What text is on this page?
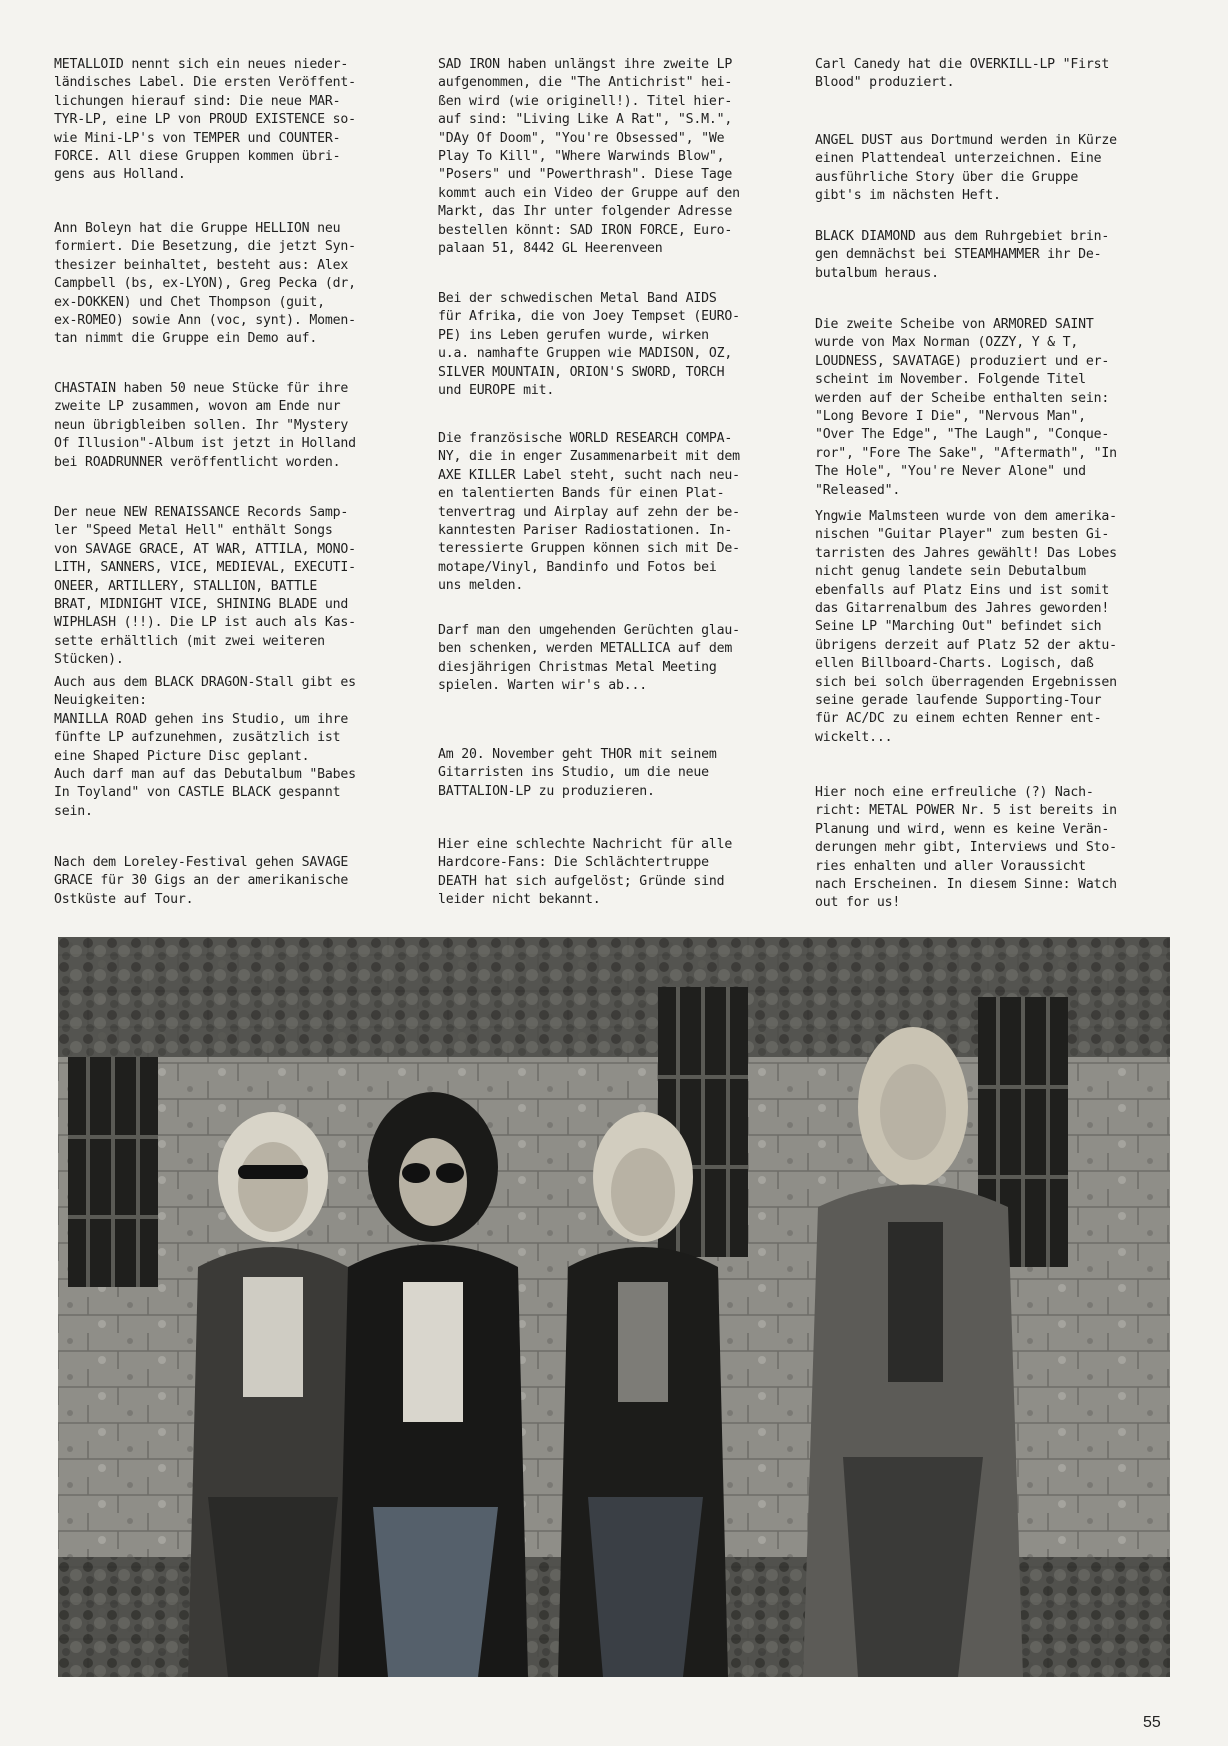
METALLOID nennt sich ein neues nieder-
ländisches Label. Die ersten Veröffent-
lichungen hierauf sind: Die neue MAR-
TYR-LP, eine LP von PROUD EXISTENCE so-
wie Mini-LP's von TEMPER und COUNTER-
FORCE. All diese Gruppen kommen übri-
gens aus Holland.
Ann Boleyn hat die Gruppe HELLION neu
formiert. Die Besetzung, die jetzt Syn-
thesizer beinhaltet, besteht aus: Alex
Campbell (bs, ex-LYON), Greg Pecka (dr,
ex-DOKKEN) und Chet Thompson (guit,
ex-ROMEO) sowie Ann (voc, synt). Momen-
tan nimmt die Gruppe ein Demo auf.
CHASTAIN haben 50 neue Stücke für ihre
zweite LP zusammen, wovon am Ende nur
neun übrigbleiben sollen. Ihr "Mystery
Of Illusion"-Album ist jetzt in Holland
bei ROADRUNNER veröffentlicht worden.
Der neue NEW RENAISSANCE Records Samp-
ler "Speed Metal Hell" enthält Songs
von SAVAGE GRACE, AT WAR, ATTILA, MONO-
LITH, SANNERS, VICE, MEDIEVAL, EXECUTI-
ONEER, ARTILLERY, STALLION, BATTLE
BRAT, MIDNIGHT VICE, SHINING BLADE und
WIPHLASH (!!). Die LP ist auch als Kas-
sette erhältlich (mit zwei weiteren
Stücken).
Auch aus dem BLACK DRAGON-Stall gibt es
Neuigkeiten:
MANILLA ROAD gehen ins Studio, um ihre
fünfte LP aufzunehmen, zusätzlich ist
eine Shaped Picture Disc geplant.
Auch darf man auf das Debutalbum "Babes
In Toyland" von CASTLE BLACK gespannt
sein.
Nach dem Loreley-Festival gehen SAVAGE
GRACE für 30 Gigs an der amerikanische
Ostküste auf Tour.
SAD IRON haben unlängst ihre zweite LP
aufgenommen, die "The Antichrist" hei-
ßen wird (wie originell!). Titel hier-
auf sind: "Living Like A Rat", "S.M.",
"DAy Of Doom", "You're Obsessed", "We
Play To Kill", "Where Warwinds Blow",
"Posers" und "Powerthrash". Diese Tage
kommt auch ein Video der Gruppe auf den
Markt, das Ihr unter folgender Adresse
bestellen könnt: SAD IRON FORCE, Euro-
palaan 51, 8442 GL Heerenveen
Bei der schwedischen Metal Band AIDS
für Afrika, die von Joey Tempset (EURO-
PE) ins Leben gerufen wurde, wirken
u.a. namhafte Gruppen wie MADISON, OZ,
SILVER MOUNTAIN, ORION'S SWORD, TORCH
und EUROPE mit.
Die französische WORLD RESEARCH COMPA-
NY, die in enger Zusammenarbeit mit dem
AXE KILLER Label steht, sucht nach neu-
en talentierten Bands für einen Plat-
tenvertrag und Airplay auf zehn der be-
kanntesten Pariser Radiostationen. In-
teressierte Gruppen können sich mit De-
motape/Vinyl, Bandinfo und Fotos bei
uns melden.
Darf man den umgehenden Gerüchten glau-
ben schenken, werden METALLICA auf dem
diesjährigen Christmas Metal Meeting
spielen. Warten wir's ab...
Am 20. November geht THOR mit seinem
Gitarristen ins Studio, um die neue
BATTALION-LP zu produzieren.
Hier eine schlechte Nachricht für alle
Hardcore-Fans: Die Schlächtertruppe
DEATH hat sich aufgelöst; Gründe sind
leider nicht bekannt.
Carl Canedy hat die OVERKILL-LP "First
Blood" produziert.
ANGEL DUST aus Dortmund werden in Kürze
einen Plattendeal unterzeichnen. Eine
ausführliche Story über die Gruppe
gibt's im nächsten Heft.
BLACK DIAMOND aus dem Ruhrgebiet brin-
gen demnächst bei STEAMHAMMER ihr De-
butalbum heraus.
Die zweite Scheibe von ARMORED SAINT
wurde von Max Norman (OZZY, Y & T,
LOUDNESS, SAVATAGE) produziert und er-
scheint im November. Folgende Titel
werden auf der Scheibe enthalten sein:
"Long Bevore I Die", "Nervous Man",
"Over The Edge", "The Laugh", "Conque-
ror", "Fore The Sake", "Aftermath", "In
The Hole", "You're Never Alone" und
"Released".
Yngwie Malmsteen wurde von dem amerika-
nischen "Guitar Player" zum besten Gi-
tarristen des Jahres gewählt! Das Lobes
nicht genug landete sein Debutalbum
ebenfalls auf Platz Eins und ist somit
das Gitarrenalbum des Jahres geworden!
Seine LP "Marching Out" befindet sich
übrigens derzeit auf Platz 52 der aktu-
ellen Billboard-Charts. Logisch, daß
sich bei solch überragenden Ergebnissen
seine gerade laufende Supporting-Tour
für AC/DC zu einem echten Renner ent-
wickelt...
Hier noch eine erfreuliche (?) Nach-
richt: METAL POWER Nr. 5 ist bereits in
Planung und wird, wenn es keine Verän-
derungen mehr gibt, Interviews und Sto-
ries enhalten und aller Voraussicht
nach Erscheinen. In diesem Sinne: Watch
out for us!
55
